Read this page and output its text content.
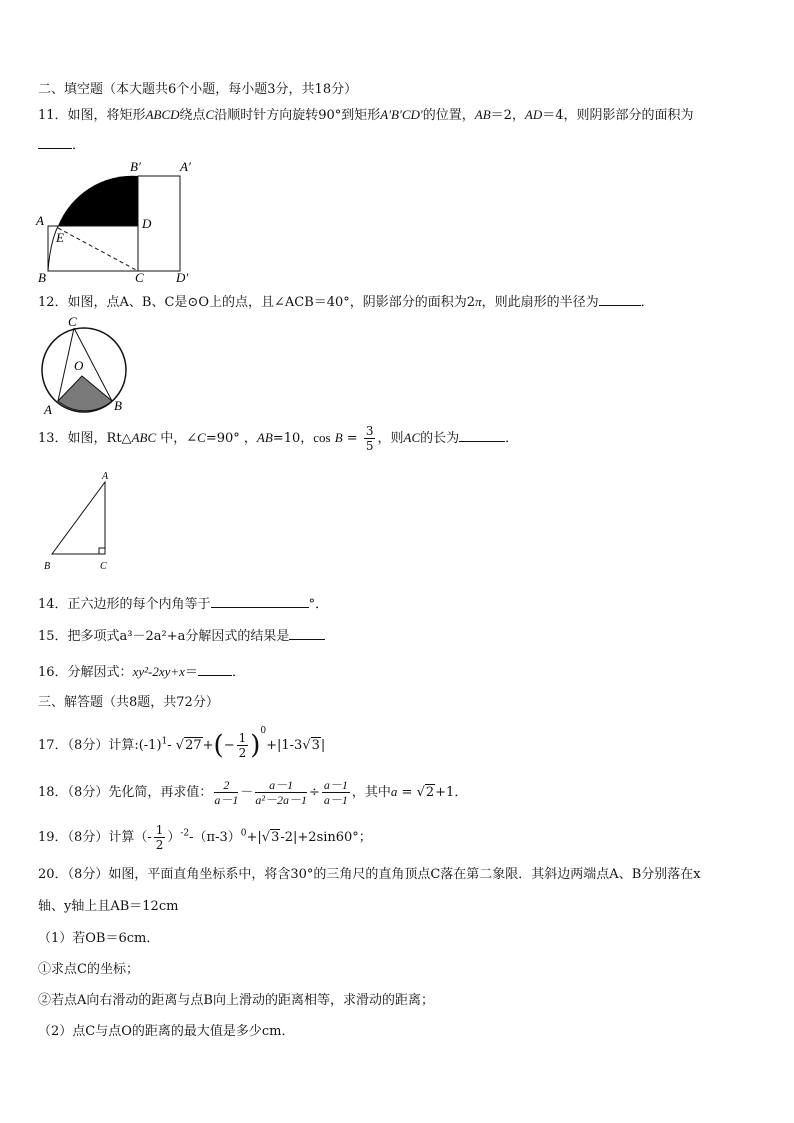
二、填空题（本大题共6个小题，每小题3分，共18分）
11．如图，将矩形ABCD绕点C沿顺时针方向旋转90°到矩形A′B′CD′的位置，AB＝2，AD＝4，则阴影部分的面积为
．
B′	A′
A	D
E
B	C D′
12．如图，点A、B、C是⊙O上的点，且∠ACB＝40°，阴影部分的面积为2π，则此扇形的半径为	．
C
O
A	B
13．如图，Rt△ABC 中，∠C=90° ，AB=10，$\cos B = \frac{3}{5}$ ，则AC的长为	．
A
B	C
14．正六边形的每个内角等于	°．
15．把多项式a³－2a²+a分解因式的结果是
16．分解因式：xy²-2xy+x＝	．
三、解答题（共8题，共72分）
17．（8分）计算$:(-1)^1-$ $√27+(- \frac{1}{2} )^0+|1-3√3|$
18．（8分）先化简，再求值： $\frac{2}{a-1} - \frac{a-1}{\text{a²－2a－1}} \div \frac{a-1}{a-1}$ ，其中a = √2+1．
19．（8分）计算（- $\frac{1}{2} )^{-2}-(\pi-3)^0+|√3-2|+2\sin 60^\circ$；
20．（8分）如图，平面直角坐标系中，将含30°的三角尺的直角顶点C落在第二象限．其斜边两端点A、B分别落在x
轴、y轴上且AB＝12cm
（1）若OB＝6cm．
①求点C的坐标；
②若点A向右滑动的距离与点B向上滑动的距离相等，求滑动的距离；
（2）点C与点O的距离的最大值是多少cm．
